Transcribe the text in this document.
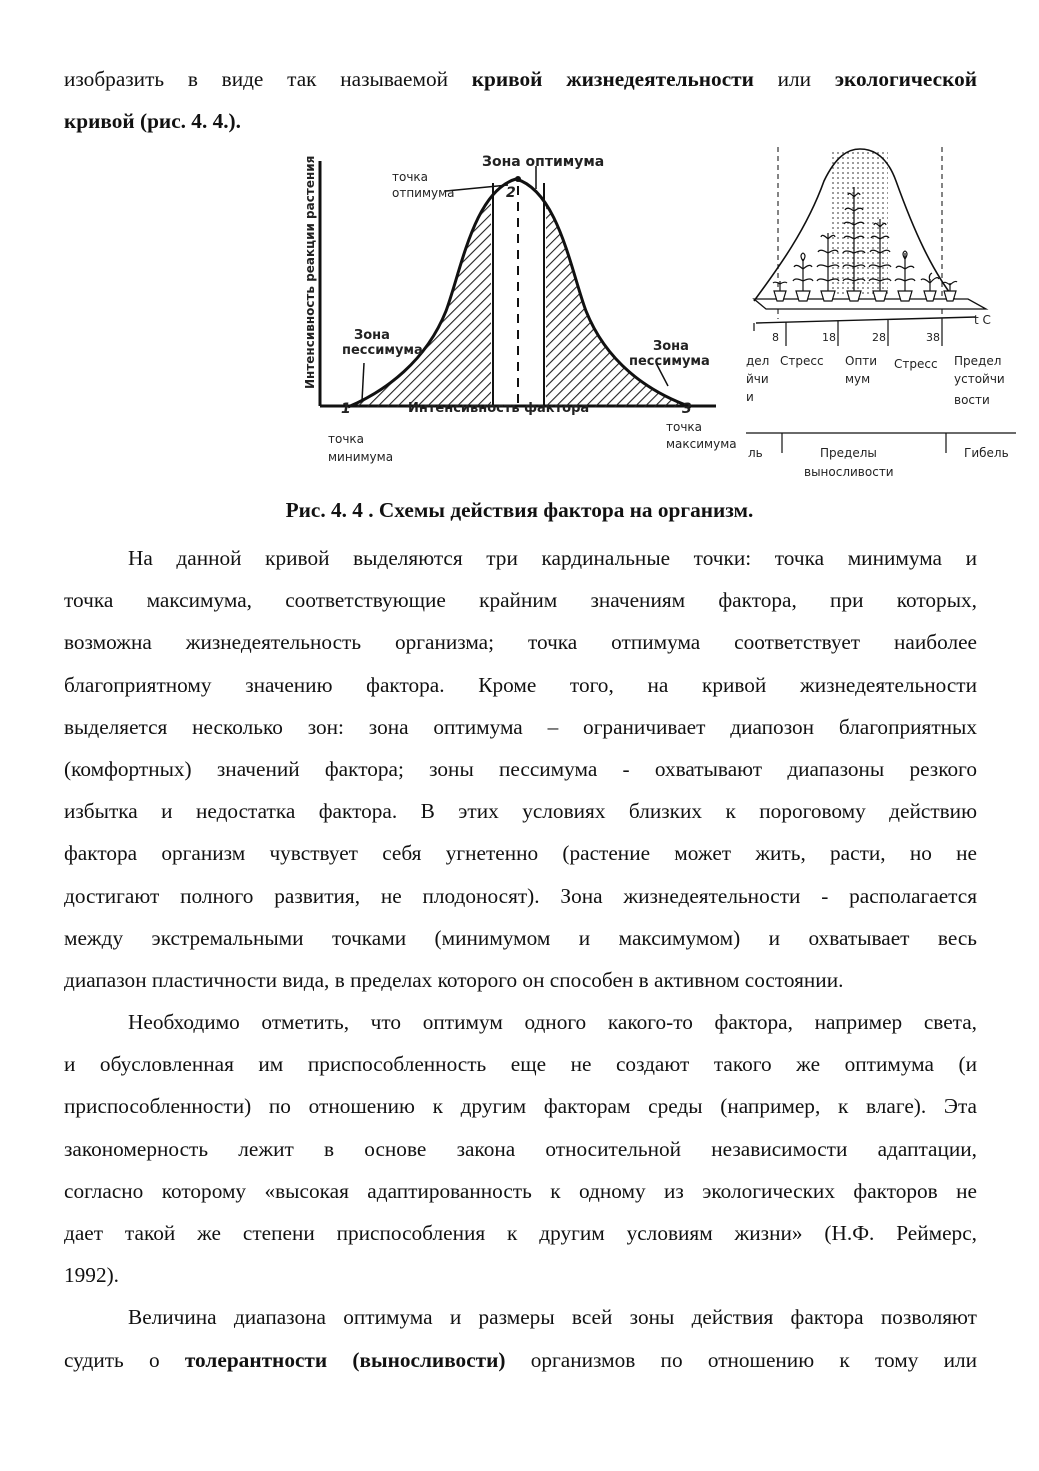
изобразить в виде так называемой кривой жизнедеятельности или экологической
кривой (рис. 4. 4.).
Зона оптимума
точка
отпимума	2
Зона
пессимума	Зона
пессимума
1	3
Интенсивность фактора
Интенсивность реакции растения
точка
минимума
точка
максимума
t C
8	18	28	38
дел
йчи
и
Стресс Опти
мум
Стресс Предел
устойчи
вости
ль	Пределы
выносливости
Гибель
Рис. 4. 4 . Схемы действия фактора на организм.
На данной кривой выделяются три кардинальные точки: точка минимума и
точка максимума, соответствующие крайним значениям фактора, при которых,
возможна жизнедеятельность организма; точка отпимума соответствует наиболее
благоприятному значению фактора. Кроме того, на кривой жизнедеятельности
выделяется несколько зон: зона оптимума – ограничивает диапозон благоприятных
(комфортных) значений фактора; зоны пессимума - охватывают диапазоны резкого
избытка и недостатка фактора. В этих условиях близких к пороговому действию
фактора организм чувствует себя угнетенно (растение может жить, расти, но не
достигают полного развития, не плодоносят). Зона жизнедеятельности - располагается
между экстремальными точками (минимумом и максимумом) и охватывает весь
диапазон пластичности вида, в пределах которого он способен в активном состоянии.
Необходимо отметить, что оптимум одного какого-то фактора, например света,
и обусловленная им приспособленность еще не создают такого же оптимума (и
приспособленности) по отношению к другим факторам среды (например, к влаге). Эта
закономерность лежит в основе закона относительной независимости адаптации,
согласно которому «высокая адаптированность к одному из экологических факторов не
дает такой же степени приспособления к другим условиям жизни» (Н.Ф. Реймерс,
1992).
Величина диапазона оптимума и размеры всей зоны действия фактора позволяют
судить о толерантности (выносливости) организмов по отношению к тому или
